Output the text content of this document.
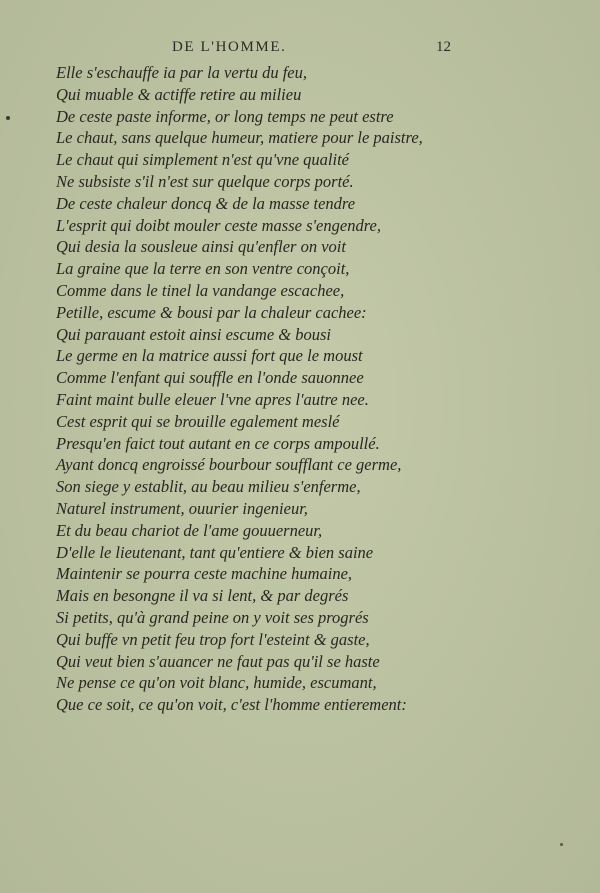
DE L'HOMME.	12
Elle s'eschauffe ia par la vertu du feu,
Qui muable & actiffe retire au milieu
De ceste paste informe, or long temps ne peut estre
Le chaut, sans quelque humeur, matiere pour le paistre,
Le chaut qui simplement n'est qu'vne qualité
Ne subsiste s'il n'est sur quelque corps porté.
De ceste chaleur doncq & de la masse tendre
L'esprit qui doibt mouler ceste masse s'engendre,
Qui desia la sousleue ainsi qu'enfler on voit
La graine que la terre en son ventre conçoit,
Comme dans le tinel la vandange escachee,
Petille, escume & bousi par la chaleur cachee:
Qui parauant estoit ainsi escume & bousi
Le germe en la matrice aussi fort que le moust
Comme l'enfant qui souffle en l'onde sauonnee
Faint maint bulle eleuer l'vne apres l'autre nee.
Cest esprit qui se brouille egalement meslé
Presqu'en faict tout autant en ce corps ampoullé.
Ayant doncq engroissé bourbour soufflant ce germe,
Son siege y establit, au beau milieu s'enferme,
Naturel instrument, ouurier ingenieur,
Et du beau chariot de l'ame gouuerneur,
D'elle le lieutenant, tant qu'entiere & bien saine
Maintenir se pourra ceste machine humaine,
Mais en besongne il va si lent, & par degrés
Si petits, qu'à grand peine on y voit ses progrés
Qui buffe vn petit feu trop fort l'esteint & gaste,
Qui veut bien s'auancer ne faut pas qu'il se haste
Ne pense ce qu'on voit blanc, humide, escumant,
Que ce soit, ce qu'on voit, c'est l'homme entierement:
